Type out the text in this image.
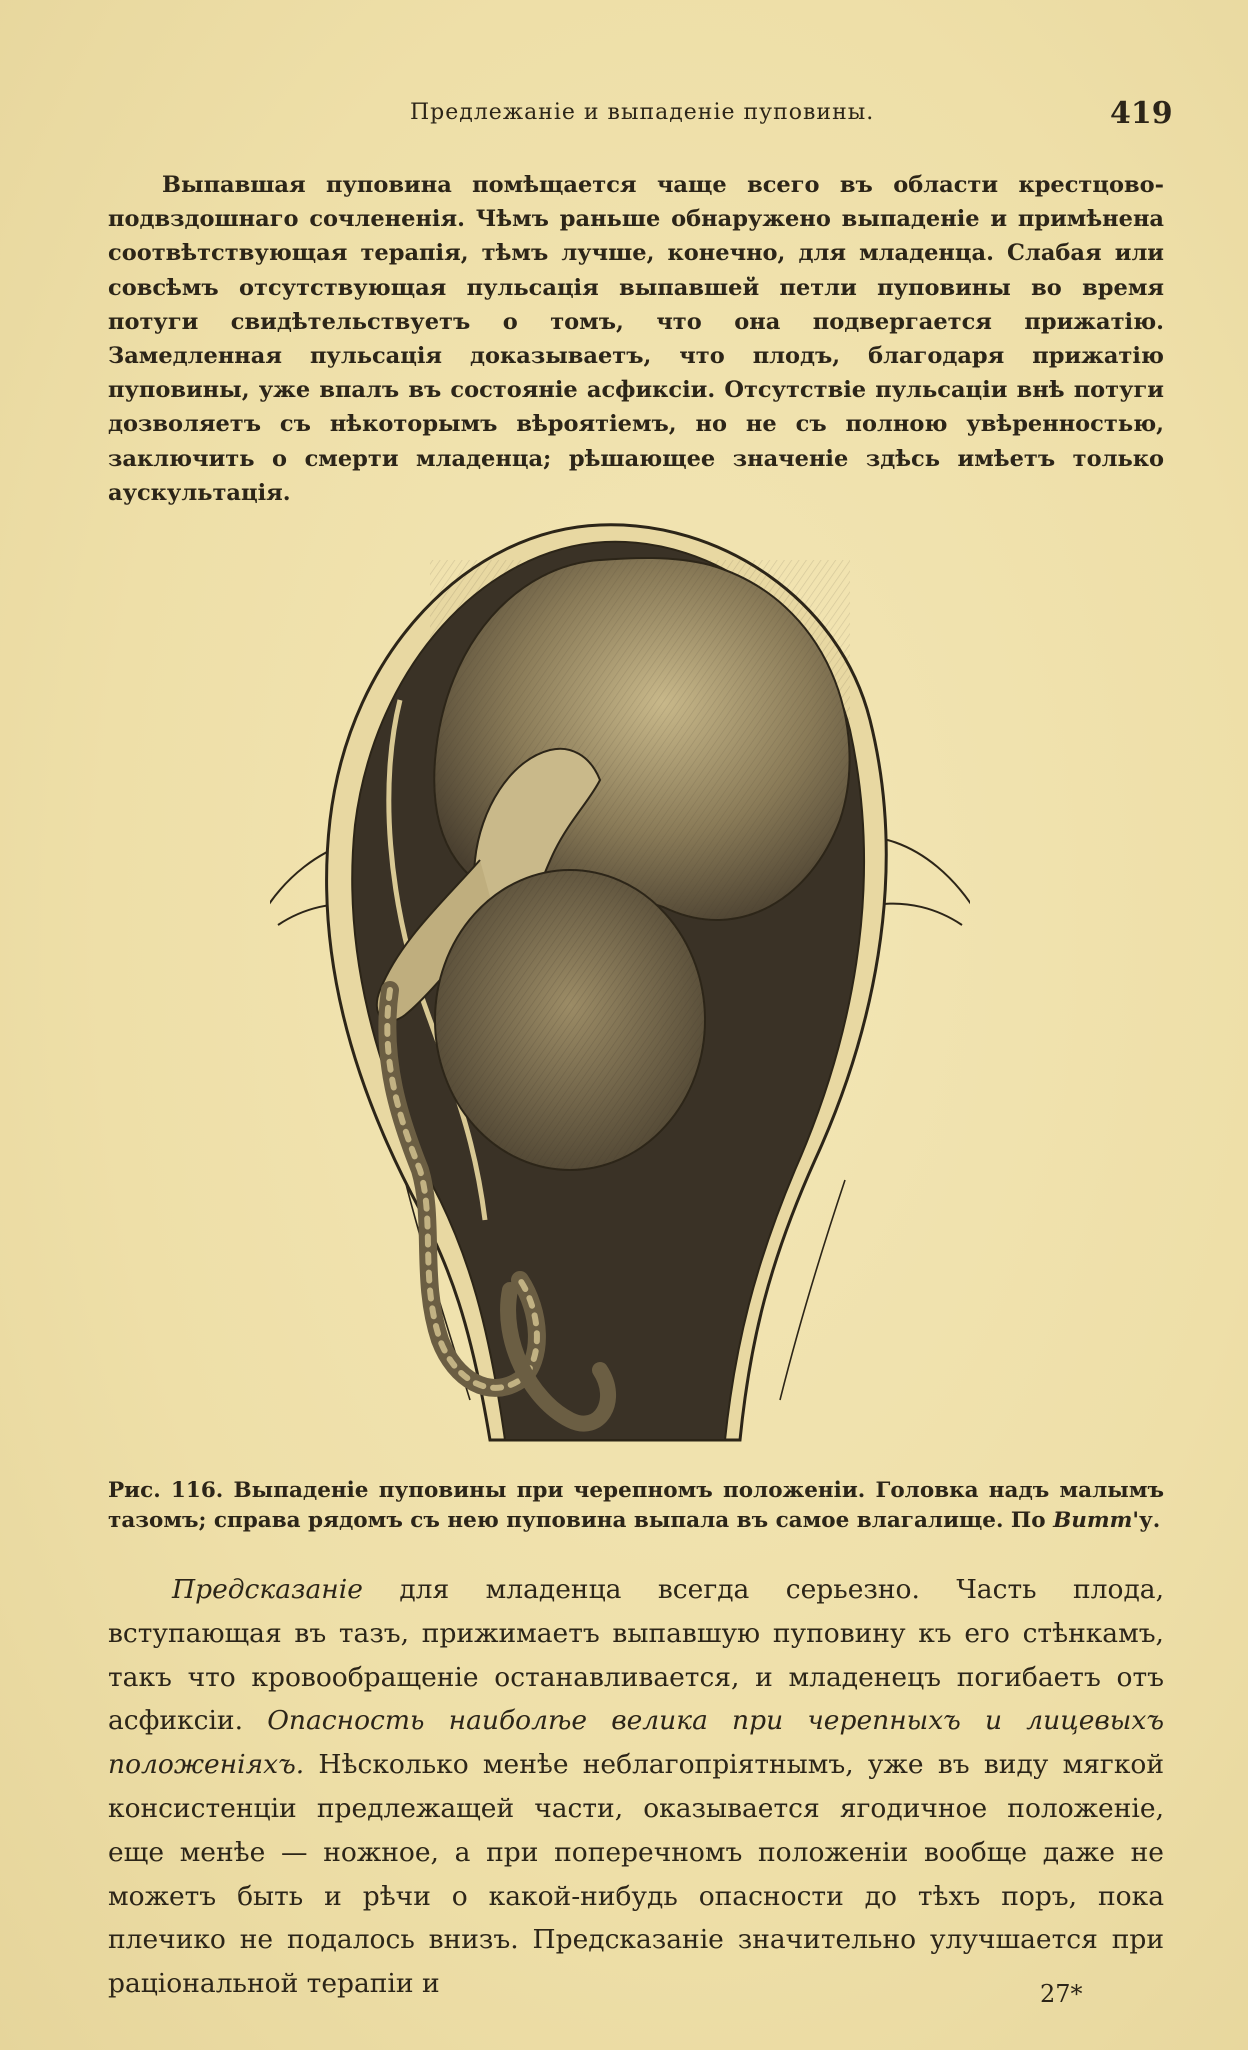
Предлежаніе и выпаденіе пуповины.	419

Выпавшая пуповина помѣщается чаще всего въ области крестцово-подвздошнаго сочлененія. Чѣмъ раньше обнаружено выпаденіе и примѣнена соотвѣтствующая терапія, тѣмъ лучше, конечно, для младенца. Слабая или совсѣмъ отсутствующая пульсація выпавшей петли пуповины во время потуги свидѣтельствуетъ о томъ, что она подвергается прижатію. Замедленная пульсація доказываетъ, что плодъ, благодаря прижатію пуповины, уже впалъ въ состояніе асфиксіи. Отсутствіе пульсаціи внѣ потуги дозволяетъ съ нѣкоторымъ вѣроятіемъ, но не съ полною увѣренностью, заключить о смерти младенца; рѣшающее значеніе здѣсь имѣетъ только аускультація.

Рис. 116. Выпаденіе пуповины при черепномъ положеніи. Головка надъ малымъ тазомъ; справа рядомъ съ нею пуповина выпала въ самое влагалище. По Витт'у.

Предсказаніе для младенца всегда серьезно. Часть плода, вступающая въ тазъ, прижимаетъ выпавшую пуповину къ его стѣнкамъ, такъ что кровообращеніе останавливается, и младенецъ погибаетъ отъ асфиксіи. Опасность наиболѣе велика при черепныхъ и лицевыхъ положеніяхъ. Нѣсколько менѣе неблагопріятнымъ, уже въ виду мягкой консистенціи предлежащей части, оказывается ягодичное положеніе, еще менѣе — ножное, а при поперечномъ положеніи вообще даже не можетъ быть и рѣчи о какой-нибудь опасности до тѣхъ поръ, пока плечико не подалось внизъ. Предсказаніе значительно улучшается при раціональной терапіи и	27*
